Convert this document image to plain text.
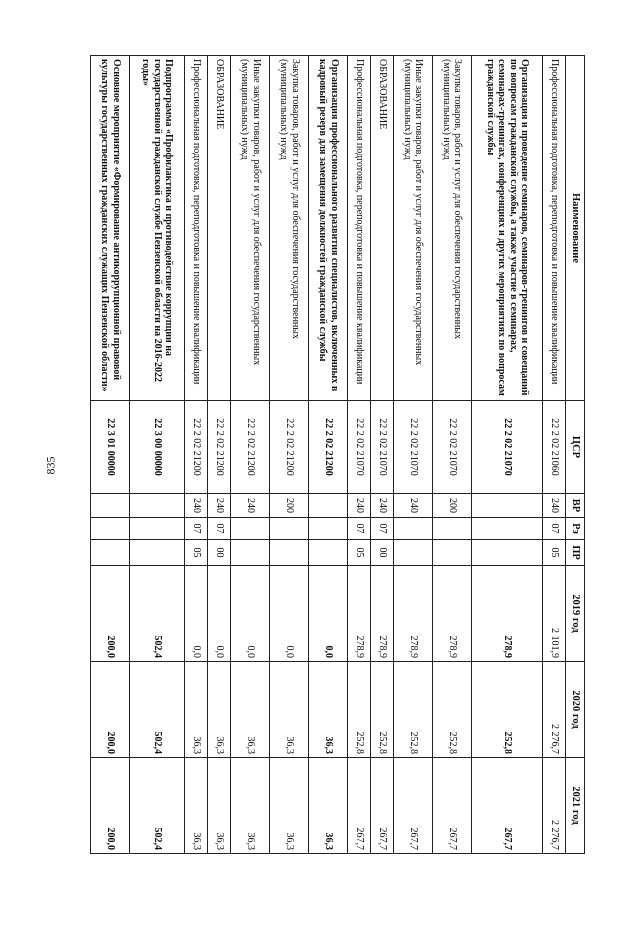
835
Наименование	ЦСР	ВР	Рз	ПР	2019 год	2020 год	2021 год
Профессиональная подготовка, переподготовка и повышение квалификации	22 2 02 21060	240	07	05	2 101,9	2 276,7	2 276,7
Организация и проведение семинаров, семинаров-тренингов и совещаний по вопросам гражданской службы, а также участие в семинарах, семинарах-тренингах, конференциях и других мероприятиях по вопросам гражданской службы	22 2 02 21070				278,9	252,8	267,7
Закупка товаров, работ и услуг для обеспечения государственных (муниципальных) нужд	22 2 02 21070	200			278,9	252,8	267,7
Иные закупки товаров, работ и услуг для обеспечения государственных (муниципальных) нужд	22 2 02 21070	240			278,9	252,8	267,7
ОБРАЗОВАНИЕ	22 2 02 21070	240	07	00	278,9	252,8	267,7
Профессиональная подготовка, переподготовка и повышение квалификации	22 2 02 21070	240	07	05	278,9	252,8	267,7
Организация профессионального развития специалистов, включенных в кадровый резерв для замещения должностей гражданской службы	22 2 02 21200				0,0	36,3	36,3
Закупка товаров, работ и услуг для обеспечения государственных (муниципальных) нужд	22 2 02 21200	200			0,0	36,3	36,3
Иные закупки товаров, работ и услуг для обеспечения государственных (муниципальных) нужд	22 2 02 21200	240			0,0	36,3	36,3
ОБРАЗОВАНИЕ	22 2 02 21200	240	07	00	0,0	36,3	36,3
Профессиональная подготовка, переподготовка и повышение квалификации	22 2 02 21200	240	07	05	0,0	36,3	36,3
Подпрограмма «Профилактика и противодействие коррупции на государственной гражданской службе Пензенской области на 2016-2022 годы»	22 3 00 00000				502,4	502,4	502,4
Основное мероприятие «Формирование антикоррупционной правовой культуры государственных гражданских служащих Пензенской области»	22 3 01 00000				200,0	200,0	200,0
